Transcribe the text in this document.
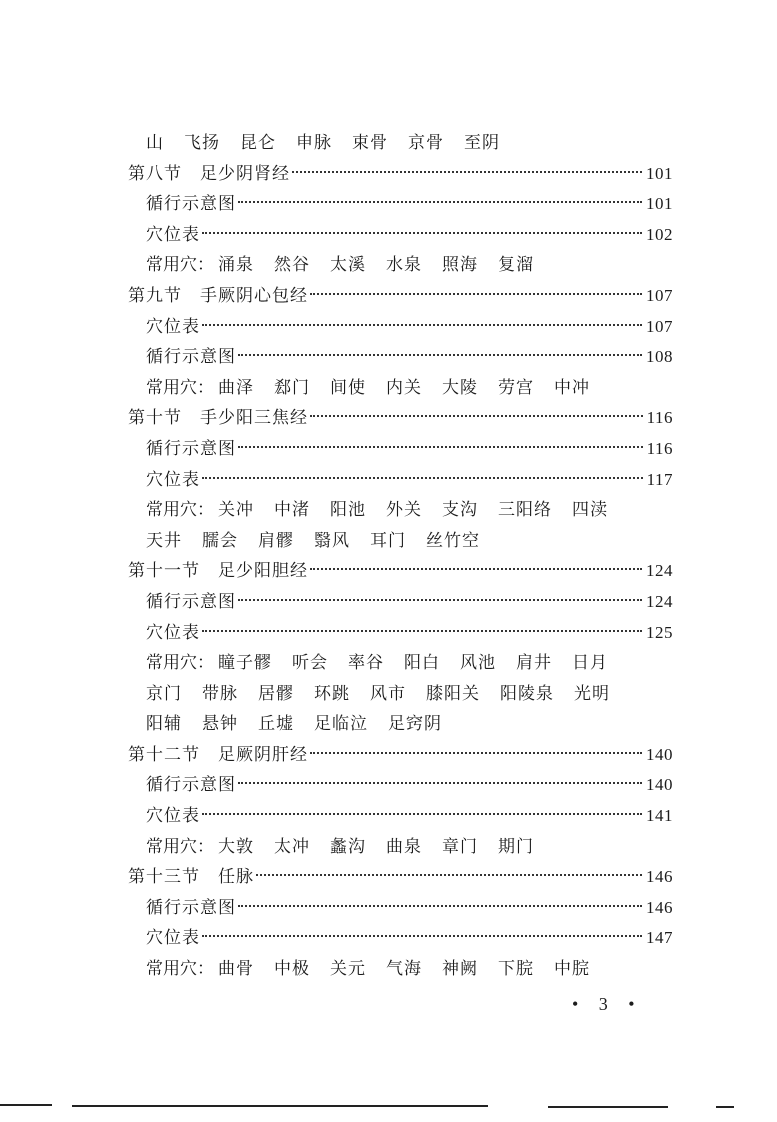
山 飞扬 昆仑 申脉 束骨 京骨 至阴
第八节　足少阴肾经	101
循行示意图	101
穴位表	102
常用穴： 涌泉 然谷 太溪 水泉 照海 复溜
第九节　手厥阴心包经	107
穴位表	107
循行示意图	108
常用穴： 曲泽 郄门 间使 内关 大陵 劳宫 中冲
第十节　手少阳三焦经	116
循行示意图	116
穴位表	117
常用穴： 关冲 中渚 阳池 外关 支沟 三阳络 四渎
天井 臑会 肩髎 翳风 耳门 丝竹空
第十一节　足少阳胆经	124
循行示意图	124
穴位表	125
常用穴： 瞳子髎 听会 率谷 阳白 风池 肩井 日月
京门 带脉 居髎 环跳 风市 膝阳关 阳陵泉 光明
阳辅 悬钟 丘墟 足临泣 足窍阴
第十二节　足厥阴肝经	140
循行示意图	140
穴位表	141
常用穴： 大敦 太冲 蠡沟 曲泉 章门 期门
第十三节　任脉	146
循行示意图	146
穴位表	147
常用穴： 曲骨 中极 关元 气海 神阙 下脘 中脘
• 3 •
